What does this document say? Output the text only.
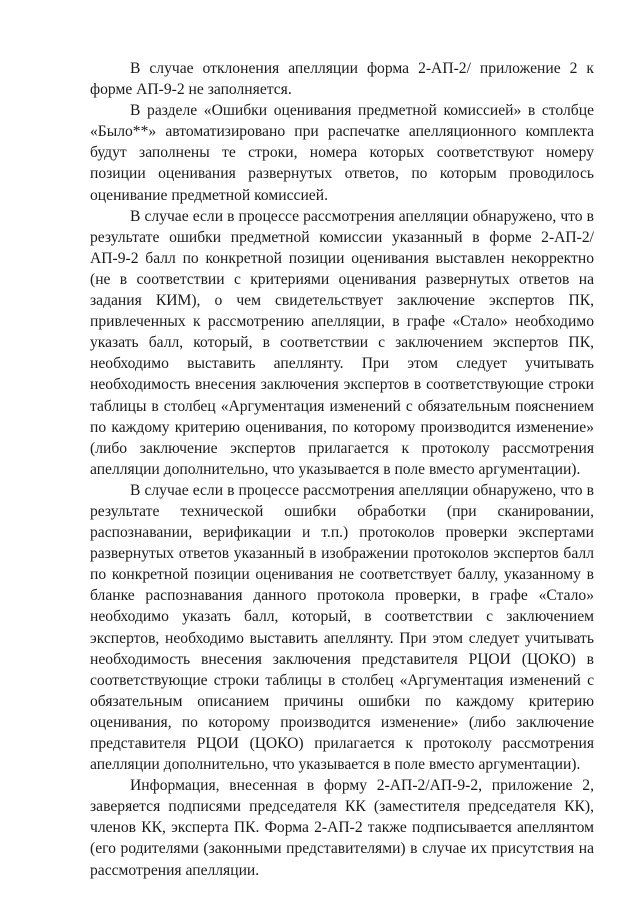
В случае отклонения апелляции форма 2-АП-2/ приложение 2 к форме АП-9-2 не заполняется.

В разделе «Ошибки оценивания предметной комиссией» в столбце «Было**» автоматизировано при распечатке апелляционного комплекта будут заполнены те строки, номера которых соответствуют номеру позиции оценивания развернутых ответов, по которым проводилось оценивание предметной комиссией.

В случае если в процессе рассмотрения апелляции обнаружено, что в результате ошибки предметной комиссии указанный в форме 2-АП-2/ АП-9-2 балл по конкретной позиции оценивания выставлен некорректно (не в соответствии с критериями оценивания развернутых ответов на задания КИМ), о чем свидетельствует заключение экспертов ПК, привлеченных к рассмотрению апелляции, в графе «Стало» необходимо указать балл, который, в соответствии с заключением экспертов ПК, необходимо выставить апеллянту. При этом следует учитывать необходимость внесения заключения экспертов в соответствующие строки таблицы в столбец «Аргументация изменений с обязательным пояснением по каждому критерию оценивания, по которому производится изменение» (либо заключение экспертов прилагается к протоколу рассмотрения апелляции дополнительно, что указывается в поле вместо аргументации).

В случае если в процессе рассмотрения апелляции обнаружено, что в результате технической ошибки обработки (при сканировании, распознавании, верификации и т.п.) протоколов проверки экспертами развернутых ответов указанный в изображении протоколов экспертов балл по конкретной позиции оценивания не соответствует баллу, указанному в бланке распознавания данного протокола проверки, в графе «Стало» необходимо указать балл, который, в соответствии с заключением экспертов, необходимо выставить апеллянту. При этом следует учитывать необходимость внесения заключения представителя РЦОИ (ЦОКО) в соответствующие строки таблицы в столбец «Аргументация изменений с обязательным описанием причины ошибки по каждому критерию оценивания, по которому производится изменение» (либо заключение представителя РЦОИ (ЦОКО) прилагается к протоколу рассмотрения апелляции дополнительно, что указывается в поле вместо аргументации).

Информация, внесенная в форму 2-АП-2/АП-9-2, приложение 2, заверяется подписями председателя КК (заместителя председателя КК), членов КК, эксперта ПК. Форма 2-АП-2 также подписывается апеллянтом (его родителями (законными представителями) в случае их присутствия на рассмотрения апелляции.
